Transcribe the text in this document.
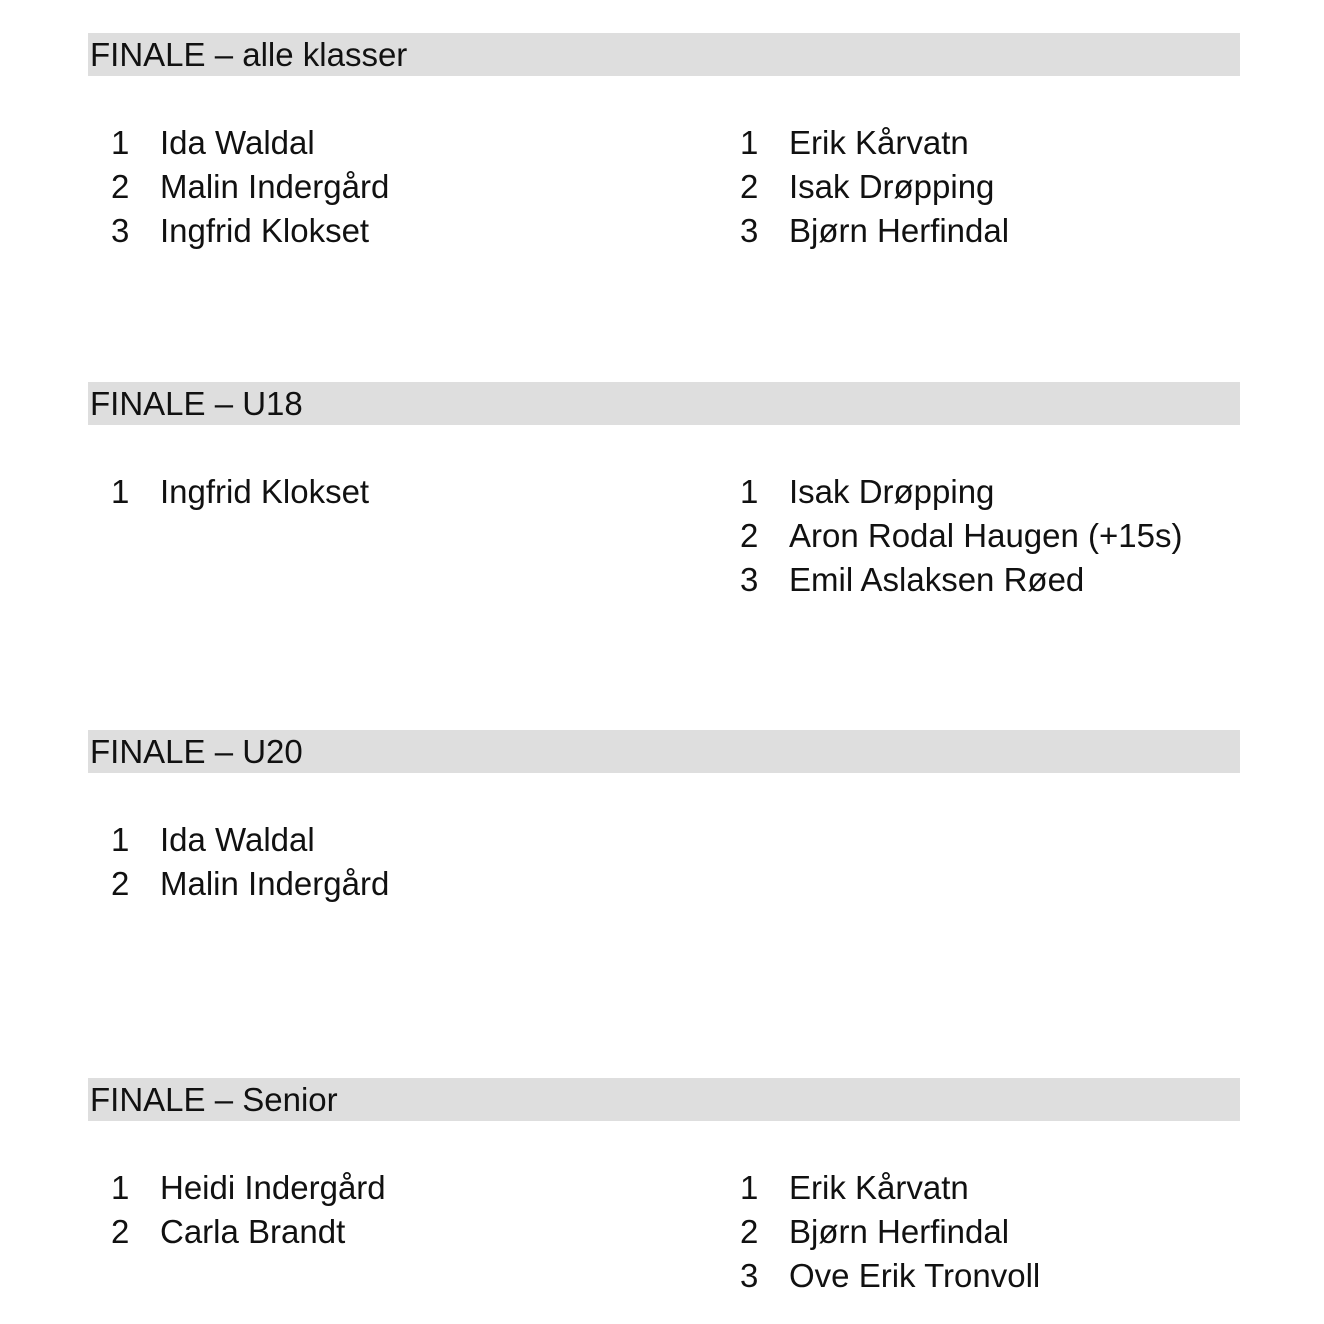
FINALE – alle klasser
1 Ida Waldal
2 Malin Indergård
3 Ingfrid Klokset
1 Erik Kårvatn
2 Isak Drøpping
3 Bjørn Herfindal
FINALE – U18
1 Ingfrid Klokset	1 Isak Drøpping
2 Aron Rodal Haugen (+15s)
3 Emil Aslaksen Røed
FINALE – U20
1 Ida Waldal
2 Malin Indergård
FINALE – Senior
1 Heidi Indergård
2 Carla Brandt
1 Erik Kårvatn
2 Bjørn Herfindal
3 Ove Erik Tronvoll
